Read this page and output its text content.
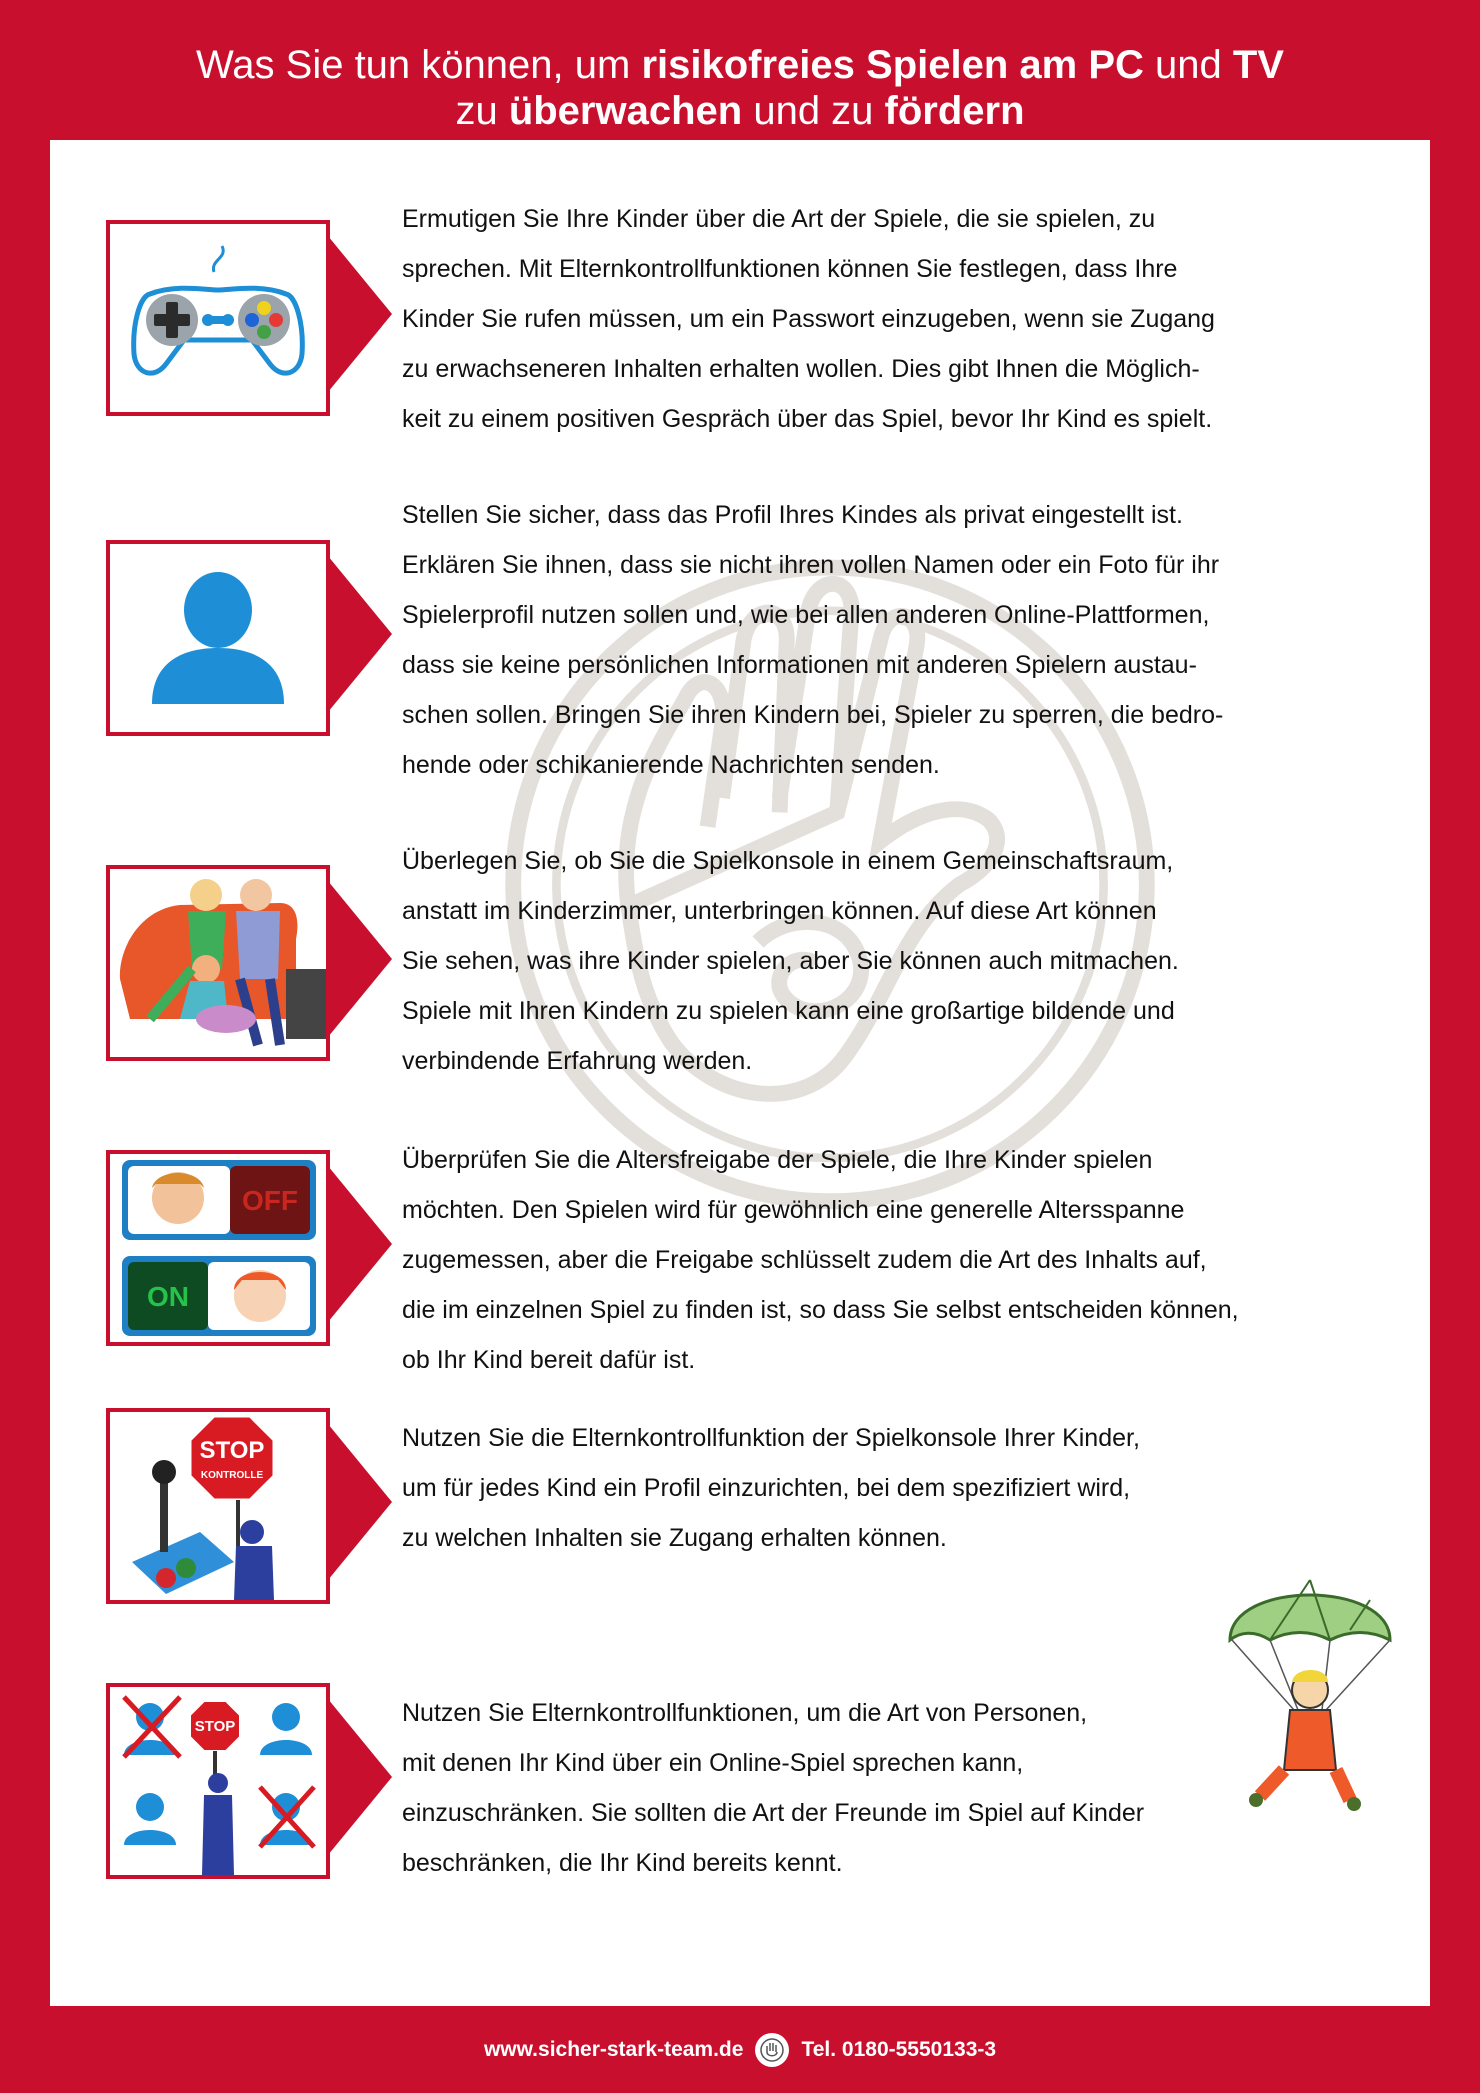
Was Sie tun können, um risikofreies Spielen am PC und TV
zu überwachen und zu fördern
Ermutigen Sie Ihre Kinder über die Art der Spiele, die sie spielen, zu
sprechen. Mit Elternkontrollfunktionen können Sie festlegen, dass Ihre
Kinder Sie rufen müssen, um ein Passwort einzugeben, wenn sie Zugang
zu erwachseneren Inhalten erhalten wollen. Dies gibt Ihnen die Möglich-
keit zu einem positiven Gespräch über das Spiel, bevor Ihr Kind es spielt.
Stellen Sie sicher, dass das Profil Ihres Kindes als privat eingestellt ist.
Erklären Sie ihnen, dass sie nicht ihren vollen Namen oder ein Foto für ihr
Spielerprofil nutzen sollen und, wie bei allen anderen Online-Plattformen,
dass sie keine persönlichen Informationen mit anderen Spielern austau-
schen sollen. Bringen Sie ihren Kindern bei, Spieler zu sperren, die bedro-
hende oder schikanierende Nachrichten senden.
Überlegen Sie, ob Sie die Spielkonsole in einem Gemeinschaftsraum,
anstatt im Kinderzimmer, unterbringen können. Auf diese Art können
Sie sehen, was ihre Kinder spielen, aber Sie können auch mitmachen.
Spiele mit Ihren Kindern zu spielen kann eine großartige bildende und
verbindende Erfahrung werden.
OFF
ON
Überprüfen Sie die Altersfreigabe der Spiele, die Ihre Kinder spielen
möchten. Den Spielen wird für gewöhnlich eine generelle Altersspanne
zugemessen, aber die Freigabe schlüsselt zudem die Art des Inhalts auf,
die im einzelnen Spiel zu finden ist, so dass Sie selbst entscheiden können,
ob Ihr Kind bereit dafür ist.
STOP
KONTROLLE
Nutzen Sie die Elternkontrollfunktion der Spielkonsole Ihrer Kinder,
um für jedes Kind ein Profil einzurichten, bei dem spezifiziert wird,
zu welchen Inhalten sie Zugang erhalten können.
STOP	Nutzen Sie Elternkontrollfunktionen, um die Art von Personen,
mit denen Ihr Kind über ein Online-Spiel sprechen kann,
einzuschränken. Sie sollten die Art der Freunde im Spiel auf Kinder
beschränken, die Ihr Kind bereits kennt.
www.sicher-stark-team.de	Tel. 0180-5550133-3
